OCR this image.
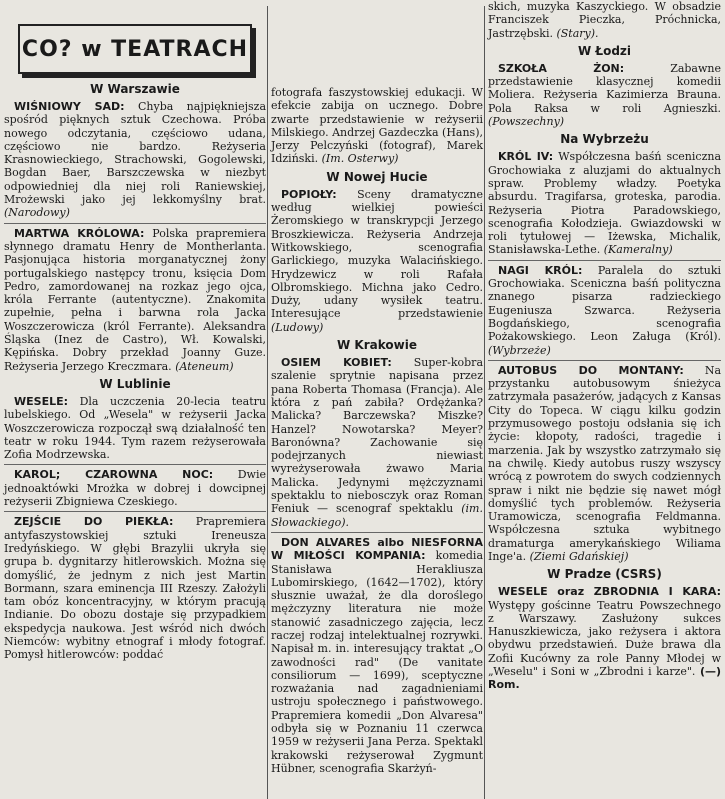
CO? w TEATRACH
W Warszawie

WIŚNIOWY SAD: Chyba najpiękniejsza spośród pięknych sztuk Czechowa. Próba nowego odczytania, częściowo udana, częściowo nie bardzo. Reżyseria Krasnowieckiego, Strachowski, Gogolewski, Bogdan Baer, Barszczewska w niezbyt odpowiedniej dla niej roli Raniewskiej, Mrożewski jako jej lekkomyślny brat. (Narodowy)

MARTWA KRÓLOWA: Polska prapremiera słynnego dramatu Henry de Montherlanta. Pasjonująca historia morganatycznej żony portugalskiego następcy tronu, księcia Dom Pedro, zamordowanej na rozkaz jego ojca, króla Ferrante (autentyczne). Znakomita zupełnie, pełna i barwna rola Jacka Woszczerowicza (król Ferrante). Aleksandra Śląska (Inez de Castro), Wł. Kowalski, Kępińska. Dobry przekład Joanny Guze. Reżyseria Jerzego Kreczmara. (Ateneum)

W Lublinie

WESELE: Dla uczczenia 20-lecia teatru lubelskiego. Od „Wesela" w reżyserii Jacka Woszczerowicza rozpoczął swą działalność ten teatr w roku 1944. Tym razem reżyserowała Zofia Modrzewska.

KAROL; CZAROWNA NOC: Dwie jednoaktówki Mrożka w dobrej i dowcipnej reżyserii Zbigniewa Czeskiego.

ZEJŚCIE DO PIEKŁA: Prapremiera antyfaszystowskiej sztuki Ireneusza Iredyńskiego. W głębi Brazylii ukryła się grupa b. dygnitarzy hitlerowskich. Można się domyślić, że jednym z nich jest Martin Bormann, szara eminencja III Rzeszy. Założyli tam obóz koncentracyjny, w którym pracują Indianie. Do obozu dostaje się przypadkiem ekspedycja naukowa. Jest wśród nich dwóch Niemców: wybitny etnograf i młody fotograf. Pomysł hitlerowców: poddać

fotografa faszystowskiej edukacji. W efekcie zabija on ucznego. Dobre zwarte przedstawienie w reżyserii Milskiego. Andrzej Gazdeczka (Hans), Jerzy Pelczyński (fotograf), Marek Idziński. (Im. Osterwy)

W Nowej Hucie

POPIOŁY: Sceny dramatyczne według wielkiej powieści Żeromskiego w transkrypcji Jerzego Broszkiewicza. Reżyseria Andrzeja Witkowskiego, scenografia Garlickiego, muzyka Walacińskiego. Hrydzewicz w roli Rafała Olbromskiego. Michna jako Cedro. Duży, udany wysiłek teatru. Interesujące przedstawienie (Ludowy)

W Krakowie

OSIEM KOBIET: Super-kobra szalenie sprytnie napisana przez pana Roberta Thomasa (Francja). Ale która z pań zabiła? Ordężanka? Malicka? Barczewska? Miszke? Hanzel? Nowotarska? Meyer? Baronówna? Zachowanie się podejrzanych niewiast wyreżyserowała żwawo Maria Malicka. Jedynymi mężczyznami spektaklu to niebosczyk oraz Roman Feniuk — scenograf spektaklu (im. Słowackiego).

DON ALVARES albo NIESFORNA W MIŁOŚCI KOMPANIA: komedia Stanisława Herakliusza Lubomirskiego, (1642—1702), który słusznie uważał, że dla doroślego mężczyzny literatura nie może stanowić zasadniczego zajęcia, lecz raczej rodzaj intelektualnej rozrywki. Napisał m. in. interesujący traktat „O zawodności rad" (De vanitate consiliorum — 1699), sceptyczne rozważania nad zagadnieniami ustroju społecznego i państwowego. Prapremiera komedii „Don Alvaresa" odbyła się w Poznaniu 11 czerwca 1959 w reżyserii Jana Perza. Spektakl krakowski reżyserował Zygmunt Hübner, scenografia Skarżyń-

skich, muzyka Kaszyckiego. W obsadzie Franciszek Pieczka, Próchnicka, Jastrzębski. (Stary).

W Łodzi

SZKOŁA ŻON:	Zabawne przedstawienie klasycznej komedii Moliera. Reżyseria Kazimierza Brauna. Pola Raksa w roli Agnieszki. (Powszechny)

Na Wybrzeżu

KRÓL IV: Współczesna baśń sceniczna Grochowiaka z aluzjami do aktualnych spraw. Problemy władzy. Poetyka absurdu. Tragifarsa, groteska, parodia. Reżyseria Piotra Paradowskiego, scenografia Kołodzieja. Gwiazdowski w roli tytułowej — Iżewska, Michalik, Stanisławska-Lethe. (Kameralny)

NAGI KRÓL: Paralela do sztuki Grochowiaka. Sceniczna baśń polityczna znanego pisarza radzieckiego Eugeniusza Szwarca. Reżyseria Bogdańskiego, scenografia Pożakowskiego. Leon Załuga (Król). (Wybrzeże)

AUTOBUS DO MONTANY: Na przystanku autobusowym śnieżyca zatrzymała pasażerów, jadących z Kansas City do Topeca. W ciągu kilku godzin przymusowego postoju odsłania się ich życie: kłopoty, radości, tragedie i marzenia. Jak by wszystko zatrzymało się na chwilę. Kiedy autobus ruszy wszyscy wrócą z powrotem do swych codziennych spraw i nikt nie będzie się nawet mógł domyślić tych problemów. Reżyseria Uramowicza, scenografia Feldmanna. Współczesna sztuka wybitnego dramaturga amerykańskiego Wiliama Inge'a. (Ziemi Gdańskiej)

W Pradze (CSRS)

WESELE oraz ZBRODNIA I KARA: Występy gościnne Teatru Powszechnego z Warszawy. Zasłużony sukces Hanuszkiewicza, jako reżysera i aktora obydwu przedstawień. Duże brawa dla Zofii Kucówny za role Panny Młodej w „Weselu" i Soni w „Zbrodni i karze". (—) Rom.
